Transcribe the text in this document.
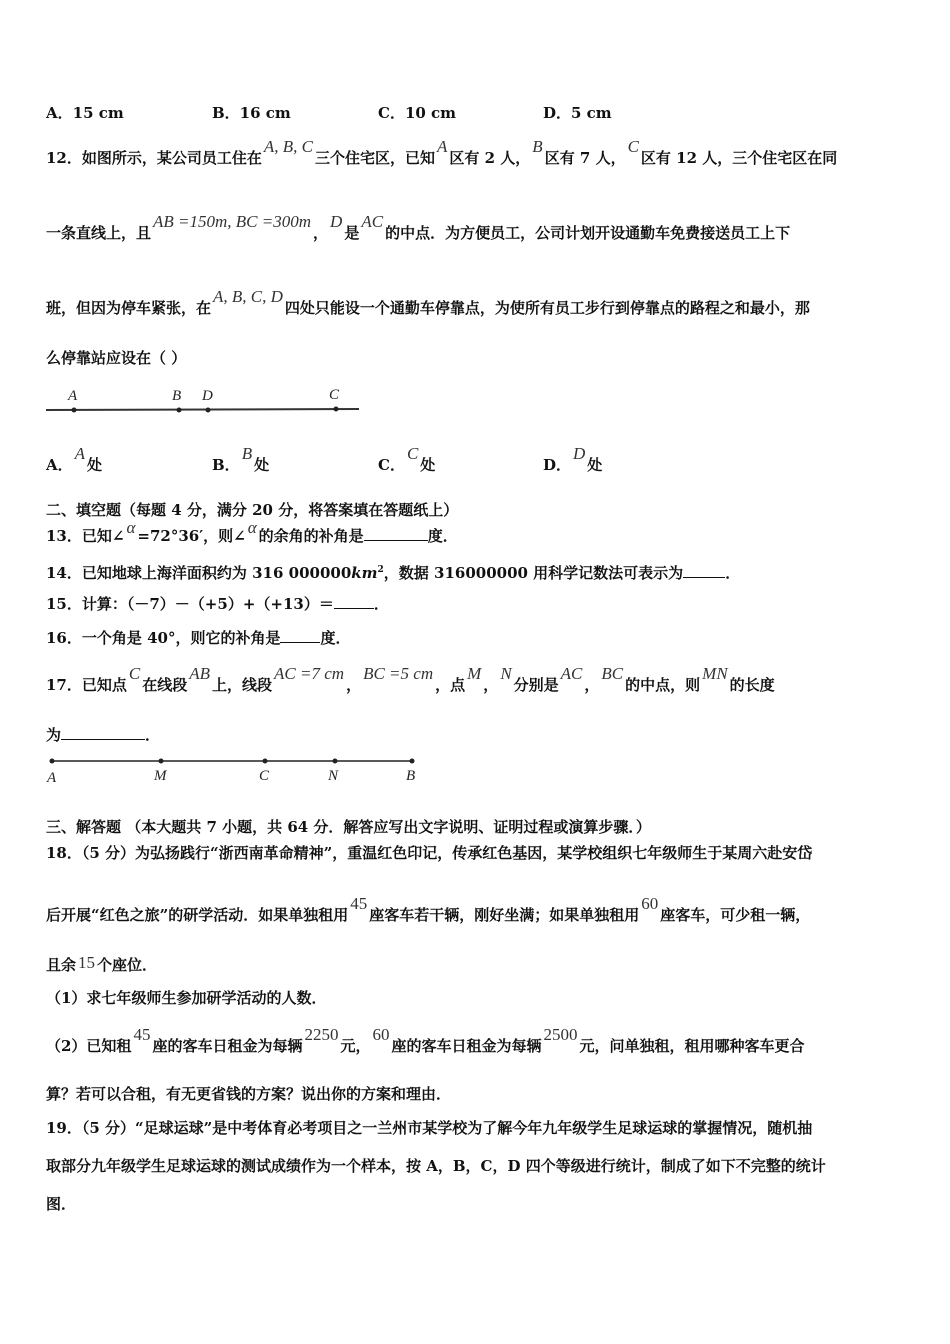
A．15 cm	B．16 cm	C．10 cm	D．5 cm
12．如图所示，某公司员工住在A, B, C三个住宅区，已知A区有 2 人，B区有 7 人，C区有 12 人，三个住宅区在同
一条直线上，且AB =150m, BC =300m，D是AC的中点．为方便员工，公司计划开设通勤车免费接送员工上下
班，但因为停车紧张，在A, B, C, D四处只能设一个通勤车停靠点，为使所有员工步行到停靠点的路程之和最小，那
么停靠站应设在（ ）
A	B D	C
A．A处	B．B处	C．C处	D．D处
二、填空题（每题 4 分，满分 20 分，将答案填在答题纸上）
13．已知∠ α =72°36′，则∠ α 的余角的补角是	度．
14．已知地球上海洋面积约为 316 $000000km^2$，数据 316000000 用科学记数法可表示为	．
15．计算：（－7）－（+5）+（+13）＝	．
16．一个角是 40°，则它的补角是	度．
17．已知点C在线段AB上，线段AC =7 cm，BC =5 cm，点M，N分别是AC，BC的中点，则MN的长度
为	．
A	M	C	N	B
三、解答题 （本大题共 7 小题，共 64 分．解答应写出文字说明、证明过程或演算步骤．）
18．（5 分）为弘扬践行“浙西南革命精神”，重温红色印记，传承红色基因，某学校组织七年级师生于某周六赴安岱
后开展“红色之旅”的研学活动．如果单独租用45座客车若干辆，刚好坐满；如果单独租用60座客车，可少租一辆，
且余 15 个座位．
（1）求七年级师生参加研学活动的人数．
（2）已知租45座的客车日租金为每辆2250元，60座的客车日租金为每辆2500元，问单独租，租用哪种客车更合
算？若可以合租，有无更省钱的方案？说出你的方案和理由．
19．（5 分）“足球运球”是中考体育必考项目之一兰州市某学校为了解今年九年级学生足球运球的掌握情况，随机抽
取部分九年级学生足球运球的测试成绩作为一个样本，按 A，B，C，D 四个等级进行统计，制成了如下不完整的统计
图．
